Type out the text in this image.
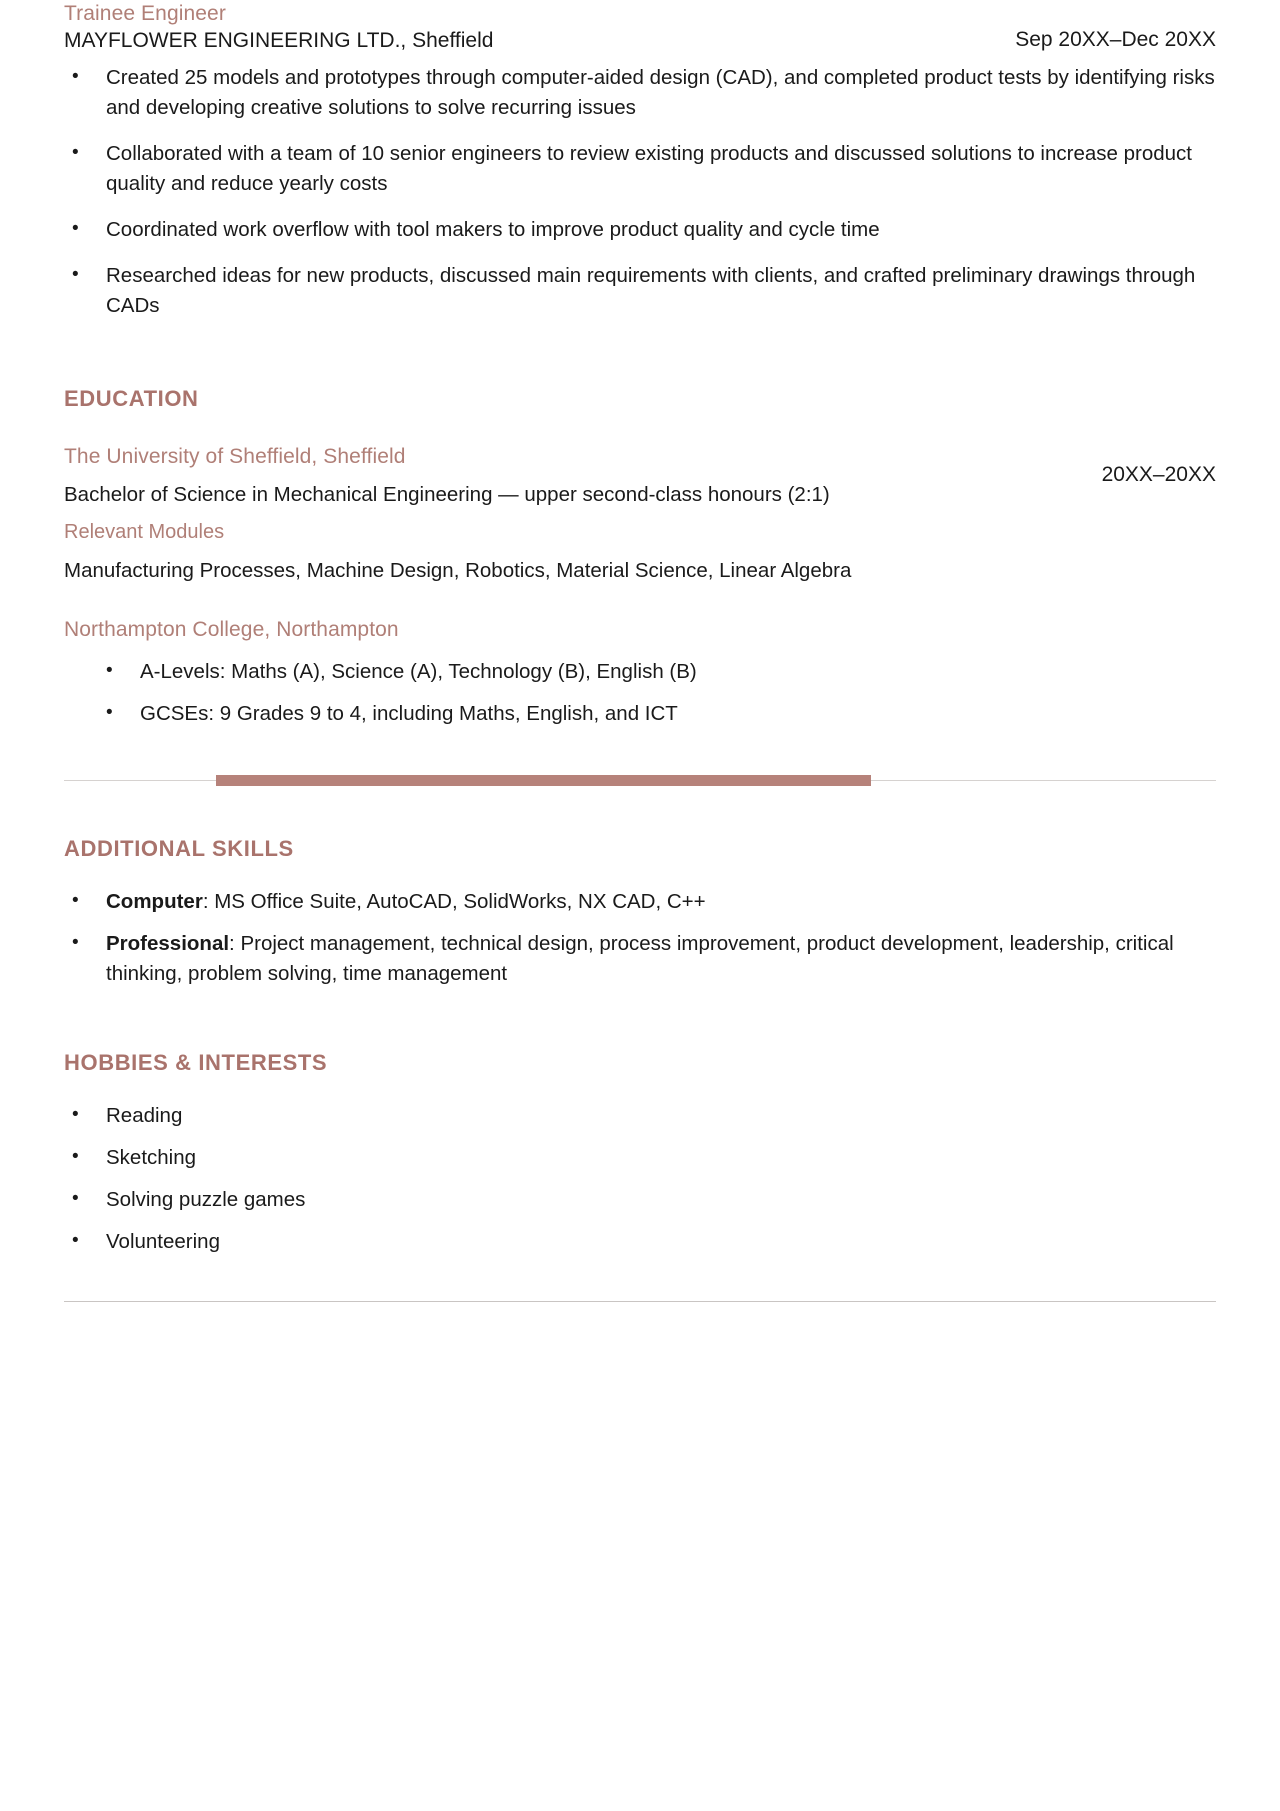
Trainee Engineer
MAYFLOWER ENGINEERING LTD., Sheffield	Sep 20XX–Dec 20XX
• Created 25 models and prototypes through computer-aided design (CAD), and completed product tests by identifying risks and developing creative solutions to solve recurring issues
• Collaborated with a team of 10 senior engineers to review existing products and discussed solutions to increase product quality and reduce yearly costs
• Coordinated work overflow with tool makers to improve product quality and cycle time
• Researched ideas for new products, discussed main requirements with clients, and crafted preliminary drawings through CADs
EDUCATION
The University of Sheffield, Sheffield
Bachelor of Science in Mechanical Engineering — upper second-class honours (2:1)
Relevant Modules
Manufacturing Processes, Machine Design, Robotics, Material Science, Linear Algebra
20XX–20XX
Northampton College, Northampton
• A-Levels: Maths (A), Science (A), Technology (B), English (B)
• GCSEs: 9 Grades 9 to 4, including Maths, English, and ICT
ADDITIONAL SKILLS
• Computer: MS Office Suite, AutoCAD, SolidWorks, NX CAD, C++
• Professional: Project management, technical design, process improvement, product development, leadership, critical thinking, problem solving, time management
HOBBIES & INTERESTS
• Reading
• Sketching
• Solving puzzle games
• Volunteering
